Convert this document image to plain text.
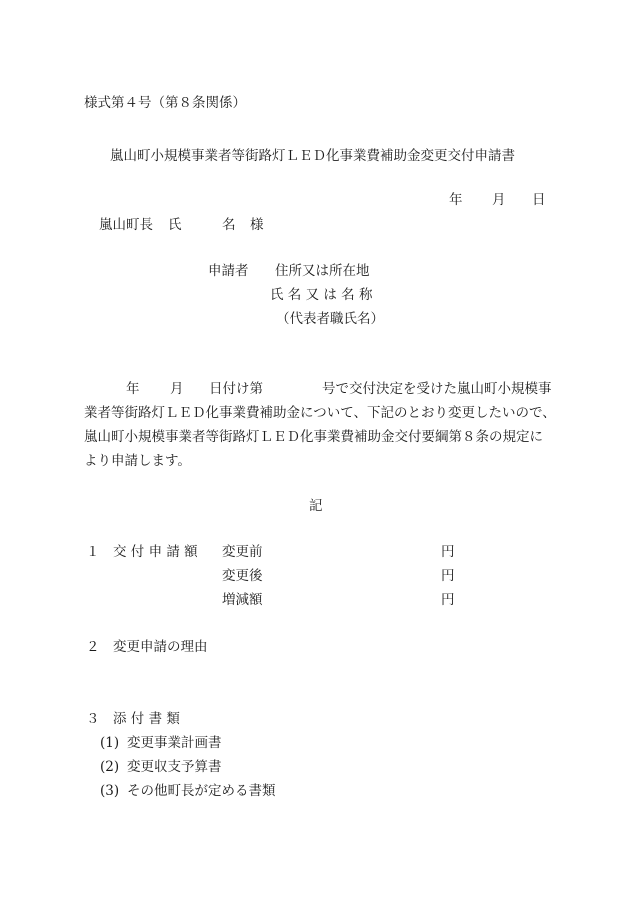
様式第４号（第８条関係）
嵐山町小規模事業者等街路灯ＬＥＤ化事業費補助金変更交付申請書
年 月 日
嵐山町長 氏	名 様
申請者 住所又は所在地
氏 名 又 は 名 称
（代表者職氏名）
年 月 日付け第	号で交付決定を受けた嵐山町小規模事
業者等街路灯ＬＥＤ化事業費補助金について、下記のとおり変更したいので、
嵐山町小規模事業者等街路灯ＬＥＤ化事業費補助金交付要綱第８条の規定に
より申請します。
記
１ 交 付 申 請 額 変更前	円
変更後	円
増減額	円
２ 変更申請の理由
３ 添 付 書 類
(1) 変更事業計画書
(2) 変更収支予算書
(3) その他町長が定める書類
